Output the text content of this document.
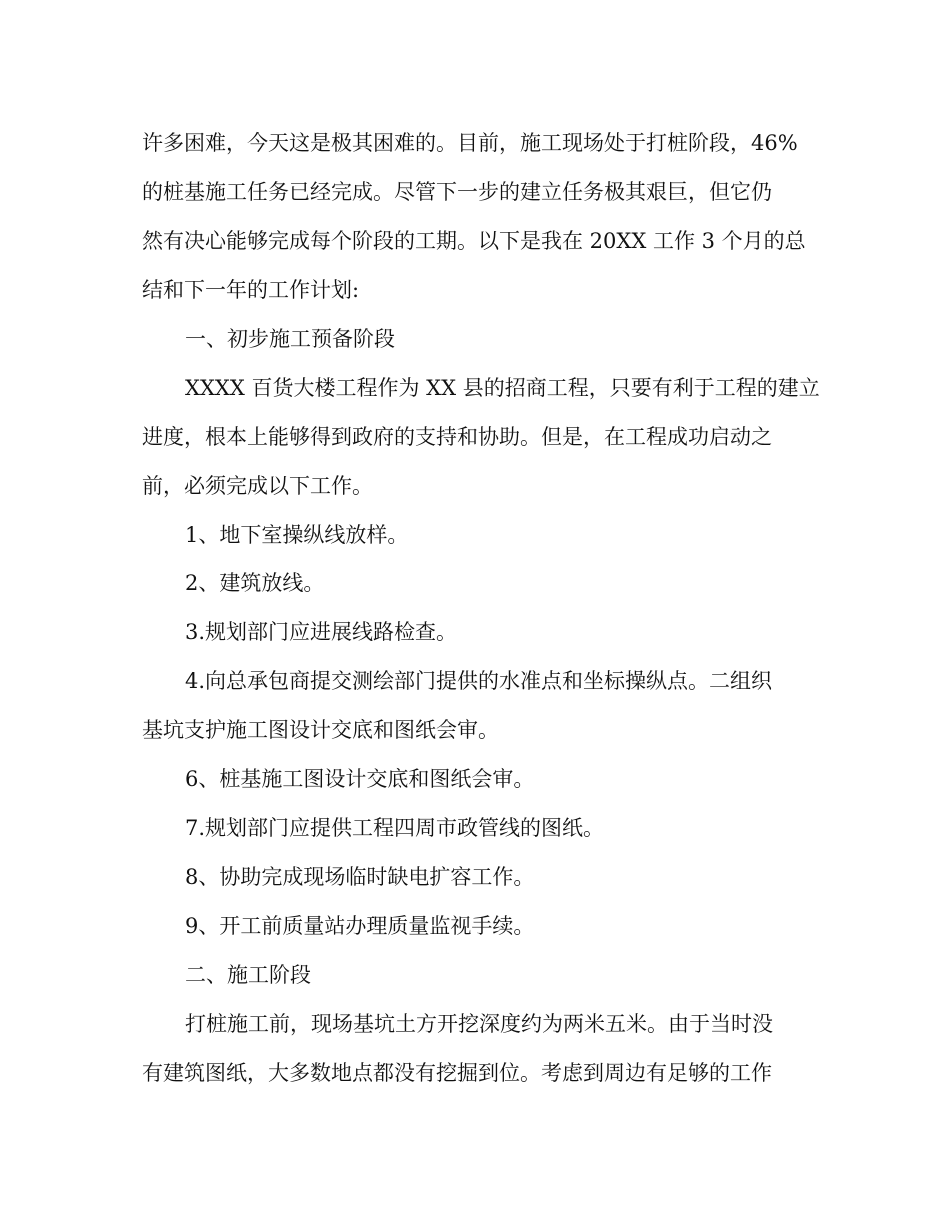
许多困难，今天这是极其困难的。目前，施工现场处于打桩阶段，46%
的桩基施工任务已经完成。尽管下一步的建立任务极其艰巨，但它仍
然有决心能够完成每个阶段的工期。以下是我在 20XX 工作 3 个月的总
结和下一年的工作计划:
一、初步施工预备阶段
XXXX 百货大楼工程作为 XX 县的招商工程，只要有利于工程的建立
进度，根本上能够得到政府的支持和协助。但是，在工程成功启动之
前，必须完成以下工作。
1、地下室操纵线放样。
2、建筑放线。
3.规划部门应进展线路检查。
4.向总承包商提交测绘部门提供的水准点和坐标操纵点。二组织
基坑支护施工图设计交底和图纸会审。
6、桩基施工图设计交底和图纸会审。
7.规划部门应提供工程四周市政管线的图纸。
8、协助完成现场临时缺电扩容工作。
9、开工前质量站办理质量监视手续。
二、施工阶段
打桩施工前，现场基坑土方开挖深度约为两米五米。由于当时没
有建筑图纸，大多数地点都没有挖掘到位。考虑到周边有足够的工作
